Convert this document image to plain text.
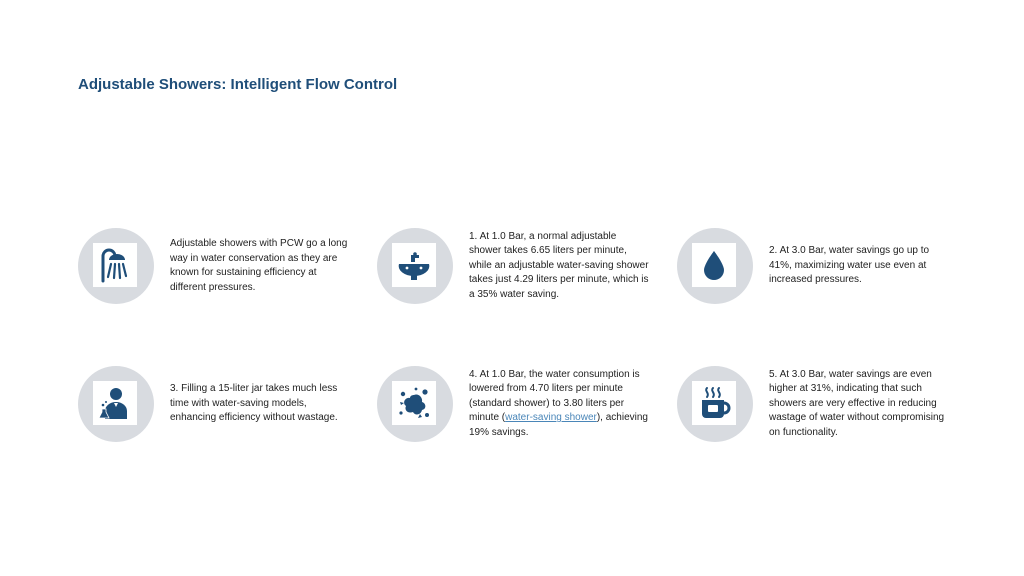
Adjustable Showers: Intelligent Flow Control

Adjustable showers with PCW go a long way in water conservation as they are known for sustaining efficiency at different pressures.

1. At 1.0 Bar, a normal adjustable shower takes 6.65 liters per minute, while an adjustable water-saving shower takes just 4.29 liters per minute, which is a 35% water saving.

2. At 3.0 Bar, water savings go up to 41%, maximizing water use even at increased pressures.

3. Filling a 15-liter jar takes much less time with water-saving models, enhancing efficiency without wastage.

4. At 1.0 Bar, the water consumption is lowered from 4.70 liters per minute (standard shower) to 3.80 liters per minute (water-saving shower), achieving 19% savings.

5. At 3.0 Bar, water savings are even higher at 31%, indicating that such showers are very effective in reducing wastage of water without compromising on functionality.
